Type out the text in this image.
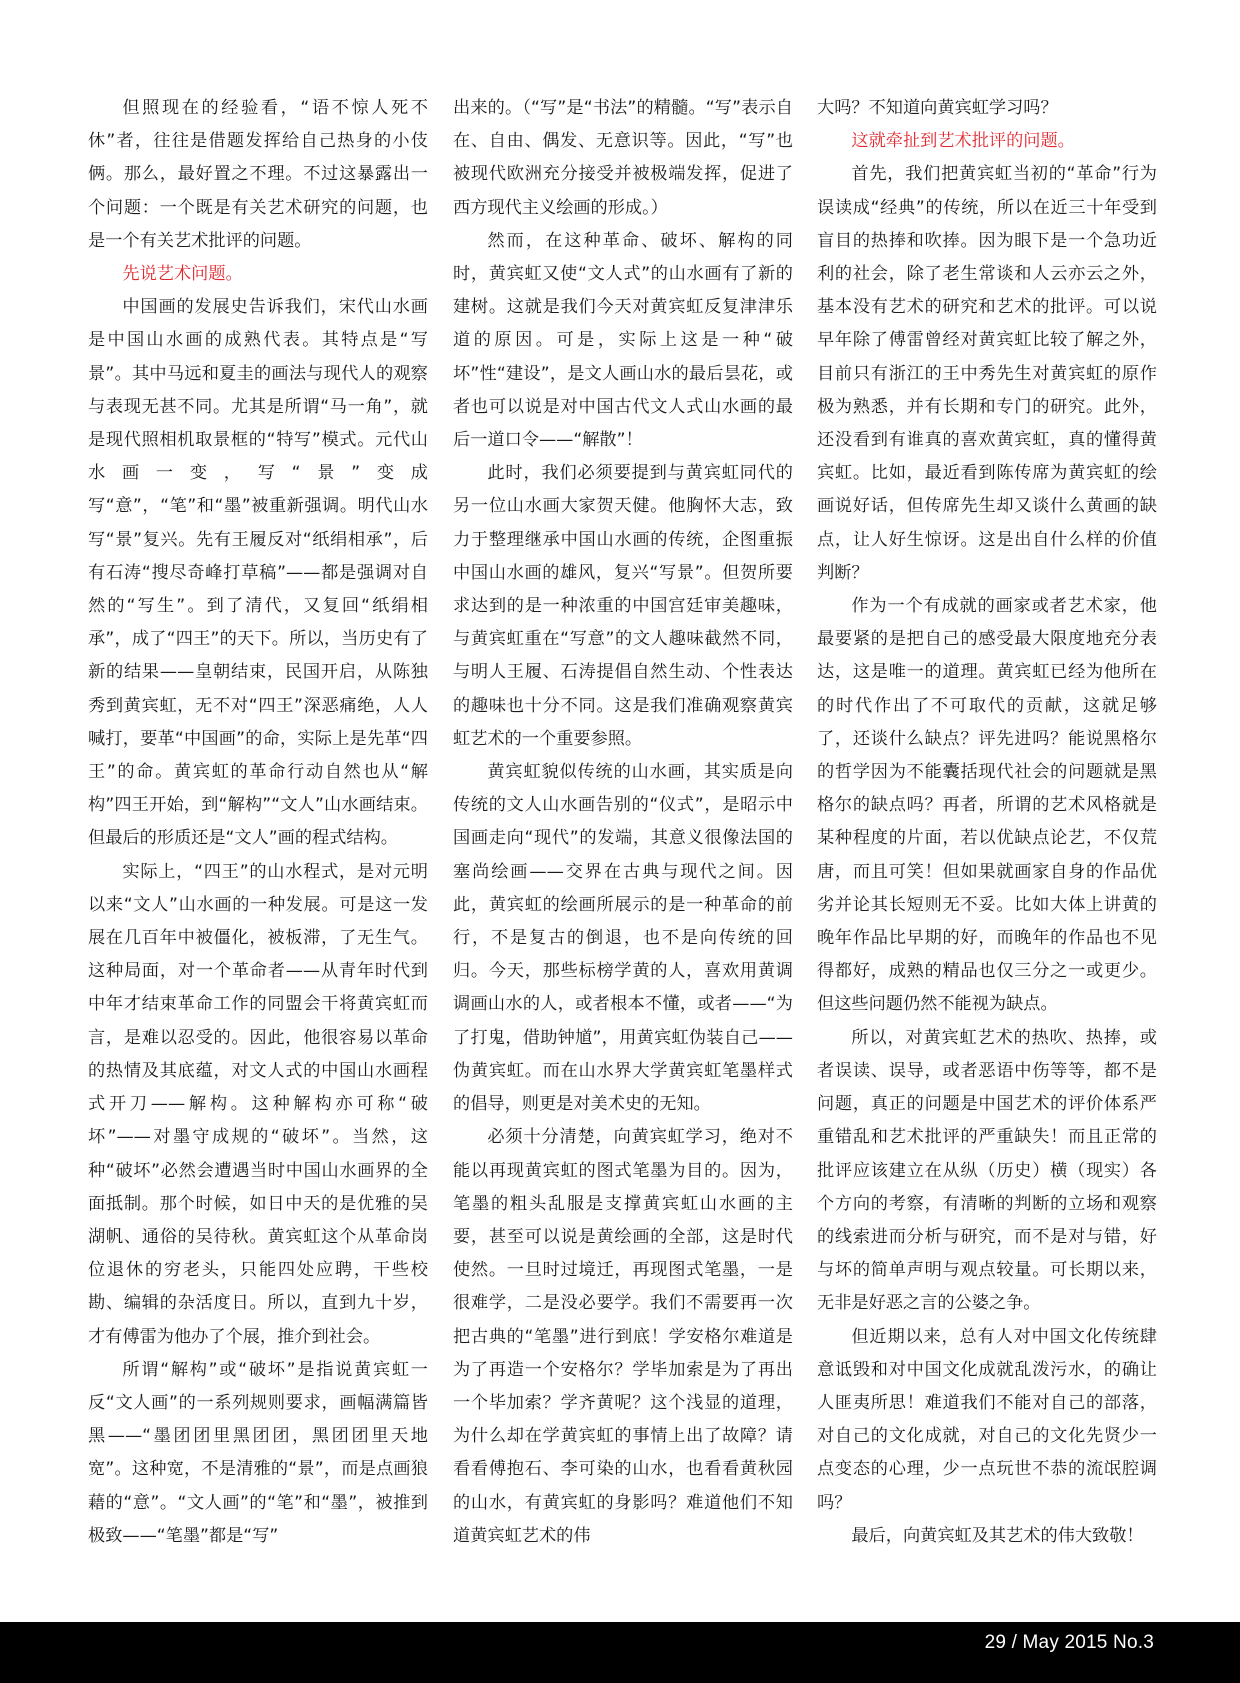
但照现在的经验看，“语不惊人死不休”者，往往是借题发挥给自己热身的小伎俩。那么，最好置之不理。不过这暴露出一个问题：一个既是有关艺术研究的问题，也是一个有关艺术批评的问题。

先说艺术问题。

中国画的发展史告诉我们，宋代山水画是中国山水画的成熟代表。其特点是“写景”。其中马远和夏圭的画法与现代人的观察与表现无甚不同。尤其是所谓“马一角”，就是现代照相机取景框的“特写”模式。元代山水画一变，写“景”变成写“意”，“笔”和“墨”被重新强调。明代山水写“景”复兴。先有王履反对“纸绢相承”，后有石涛“搜尽奇峰打草稿”——都是强调对自然的“写生”。到了清代，又复回“纸绢相承”，成了“四王”的天下。所以，当历史有了新的结果——皇朝结束，民国开启，从陈独秀到黄宾虹，无不对“四王”深恶痛绝，人人喊打，要革“中国画”的命，实际上是先革“四王”的命。黄宾虹的革命行动自然也从“解构”四王开始，到“解构”“文人”山水画结束。但最后的形质还是“文人”画的程式结构。

实际上，“四王”的山水程式，是对元明以来“文人”山水画的一种发展。可是这一发展在几百年中被僵化，被板滞，了无生气。这种局面，对一个革命者——从青年时代到中年才结束革命工作的同盟会干将黄宾虹而言，是难以忍受的。因此，他很容易以革命的热情及其底蕴，对文人式的中国山水画程式开刀——解构。这种解构亦可称“破坏”——对墨守成规的“破坏”。当然，这种“破坏”必然会遭遇当时中国山水画界的全面抵制。那个时候，如日中天的是优雅的吴湖帆、通俗的吴待秋。黄宾虹这个从革命岗位退休的穷老头，只能四处应聘，干些校勘、编辑的杂活度日。所以，直到九十岁，才有傅雷为他办了个展，推介到社会。

所谓“解构”或“破坏”是指说黄宾虹一反“文人画”的一系列规则要求，画幅满篇皆黑——“墨团团里黑团团，黑团团里天地宽”。这种宽，不是清雅的“景”，而是点画狼藉的“意”。“文人画”的“笔”和“墨”，被推到极致——“笔墨”都是“写”

出来的。（“写”是“书法”的精髓。“写”表示自在、自由、偶发、无意识等。因此，“写”也被现代欧洲充分接受并被极端发挥，促进了西方现代主义绘画的形成。）

然而，在这种革命、破坏、解构的同时，黄宾虹又使“文人式”的山水画有了新的建树。这就是我们今天对黄宾虹反复津津乐道的原因。可是，实际上这是一种“破坏”性“建设”，是文人画山水的最后昙花，或者也可以说是对中国古代文人式山水画的最后一道口令——“解散”！

此时，我们必须要提到与黄宾虹同代的另一位山水画大家贺天健。他胸怀大志，致力于整理继承中国山水画的传统，企图重振中国山水画的雄风，复兴“写景”。但贺所要求达到的是一种浓重的中国宫廷审美趣味，与黄宾虹重在“写意”的文人趣味截然不同，与明人王履、石涛提倡自然生动、个性表达的趣味也十分不同。这是我们准确观察黄宾虹艺术的一个重要参照。

黄宾虹貌似传统的山水画，其实质是向传统的文人山水画告别的“仪式”，是昭示中国画走向“现代”的发端，其意义很像法国的塞尚绘画——交界在古典与现代之间。因此，黄宾虹的绘画所展示的是一种革命的前行，不是复古的倒退，也不是向传统的回归。今天，那些标榜学黄的人，喜欢用黄调调画山水的人，或者根本不懂，或者——“为了打鬼，借助钟馗”，用黄宾虹伪装自己——伪黄宾虹。而在山水界大学黄宾虹笔墨样式的倡导，则更是对美术史的无知。

必须十分清楚，向黄宾虹学习，绝对不能以再现黄宾虹的图式笔墨为目的。因为，笔墨的粗头乱服是支撑黄宾虹山水画的主要，甚至可以说是黄绘画的全部，这是时代使然。一旦时过境迁，再现图式笔墨，一是很难学，二是没必要学。我们不需要再一次把古典的“笔墨”进行到底！学安格尔难道是为了再造一个安格尔？学毕加索是为了再出一个毕加索？学齐黄呢？这个浅显的道理，为什么却在学黄宾虹的事情上出了故障？请看看傅抱石、李可染的山水，也看看黄秋园的山水，有黄宾虹的身影吗？难道他们不知道黄宾虹艺术的伟

大吗？不知道向黄宾虹学习吗？

这就牵扯到艺术批评的问题。

首先，我们把黄宾虹当初的“革命”行为误读成“经典”的传统，所以在近三十年受到盲目的热捧和吹捧。因为眼下是一个急功近利的社会，除了老生常谈和人云亦云之外，基本没有艺术的研究和艺术的批评。可以说早年除了傅雷曾经对黄宾虹比较了解之外，目前只有浙江的王中秀先生对黄宾虹的原作极为熟悉，并有长期和专门的研究。此外，还没看到有谁真的喜欢黄宾虹，真的懂得黄宾虹。比如，最近看到陈传席为黄宾虹的绘画说好话，但传席先生却又谈什么黄画的缺点，让人好生惊讶。这是出自什么样的价值判断？

作为一个有成就的画家或者艺术家，他最要紧的是把自己的感受最大限度地充分表达，这是唯一的道理。黄宾虹已经为他所在的时代作出了不可取代的贡献，这就足够了，还谈什么缺点？评先进吗？能说黑格尔的哲学因为不能囊括现代社会的问题就是黑格尔的缺点吗？再者，所谓的艺术风格就是某种程度的片面，若以优缺点论艺，不仅荒唐，而且可笑！但如果就画家自身的作品优劣并论其长短则无不妥。比如大体上讲黄的晚年作品比早期的好，而晚年的作品也不见得都好，成熟的精品也仅三分之一或更少。但这些问题仍然不能视为缺点。

所以，对黄宾虹艺术的热吹、热捧，或者误读、误导，或者恶语中伤等等，都不是问题，真正的问题是中国艺术的评价体系严重错乱和艺术批评的严重缺失！而且正常的批评应该建立在从纵（历史）横（现实）各个方向的考察，有清晰的判断的立场和观察的线索进而分析与研究，而不是对与错，好与坏的简单声明与观点较量。可长期以来，无非是好恶之言的公婆之争。

但近期以来，总有人对中国文化传统肆意诋毁和对中国文化成就乱泼污水，的确让人匪夷所思！难道我们不能对自己的部落，对自己的文化成就，对自己的文化先贤少一点变态的心理，少一点玩世不恭的流氓腔调吗？

最后，向黄宾虹及其艺术的伟大致敬！

29 / May 2015 No.3
